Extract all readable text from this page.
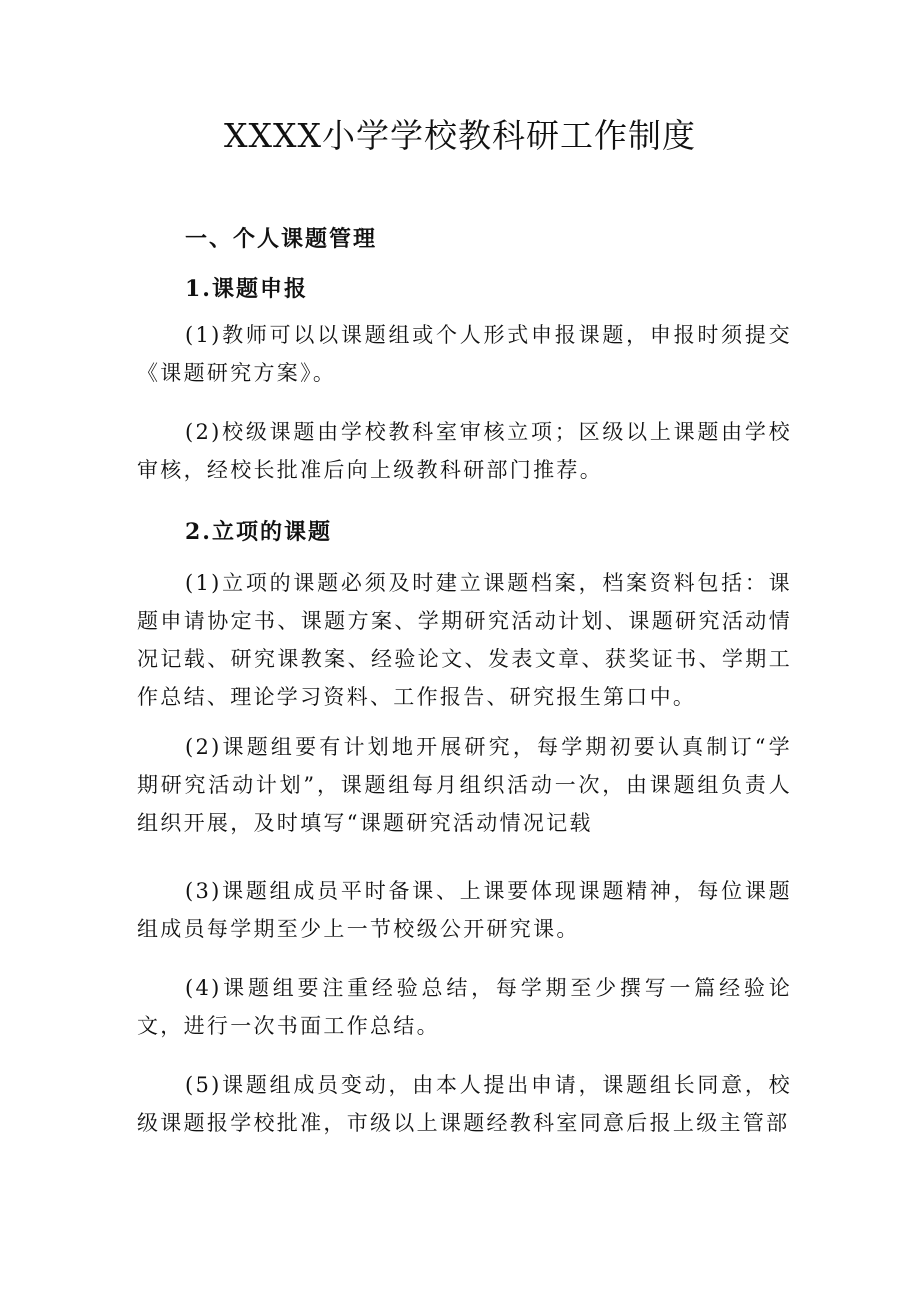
XXXX小学学校教科研工作制度
一、个人课题管理
1.课题申报

(1)教师可以以课题组或个人形式申报课题，申报时须提交《课题研究方案》。

(2)校级课题由学校教科室审核立项；区级以上课题由学校审核，经校长批准后向上级教科研部门推荐。

2.立项的课题

(1)立项的课题必须及时建立课题档案，档案资料包括：课题申请协定书、课题方案、学期研究活动计划、课题研究活动情况记载、研究课教案、经验论文、发表文章、获奖证书、学期工作总结、理论学习资料、工作报告、研究报生第口中。

(2)课题组要有计划地开展研究，每学期初要认真制订“学期研究活动计划”，课题组每月组织活动一次，由课题组负责人组织开展，及时填写“课题研究活动情况记载

(3)课题组成员平时备课、上课要体现课题精神，每位课题组成员每学期至少上一节校级公开研究课。

(4)课题组要注重经验总结，每学期至少撰写一篇经验论文，进行一次书面工作总结。

(5)课题组成员变动，由本人提出申请，课题组长同意，校级课题报学校批准，市级以上课题经教科室同意后报上级主管部
